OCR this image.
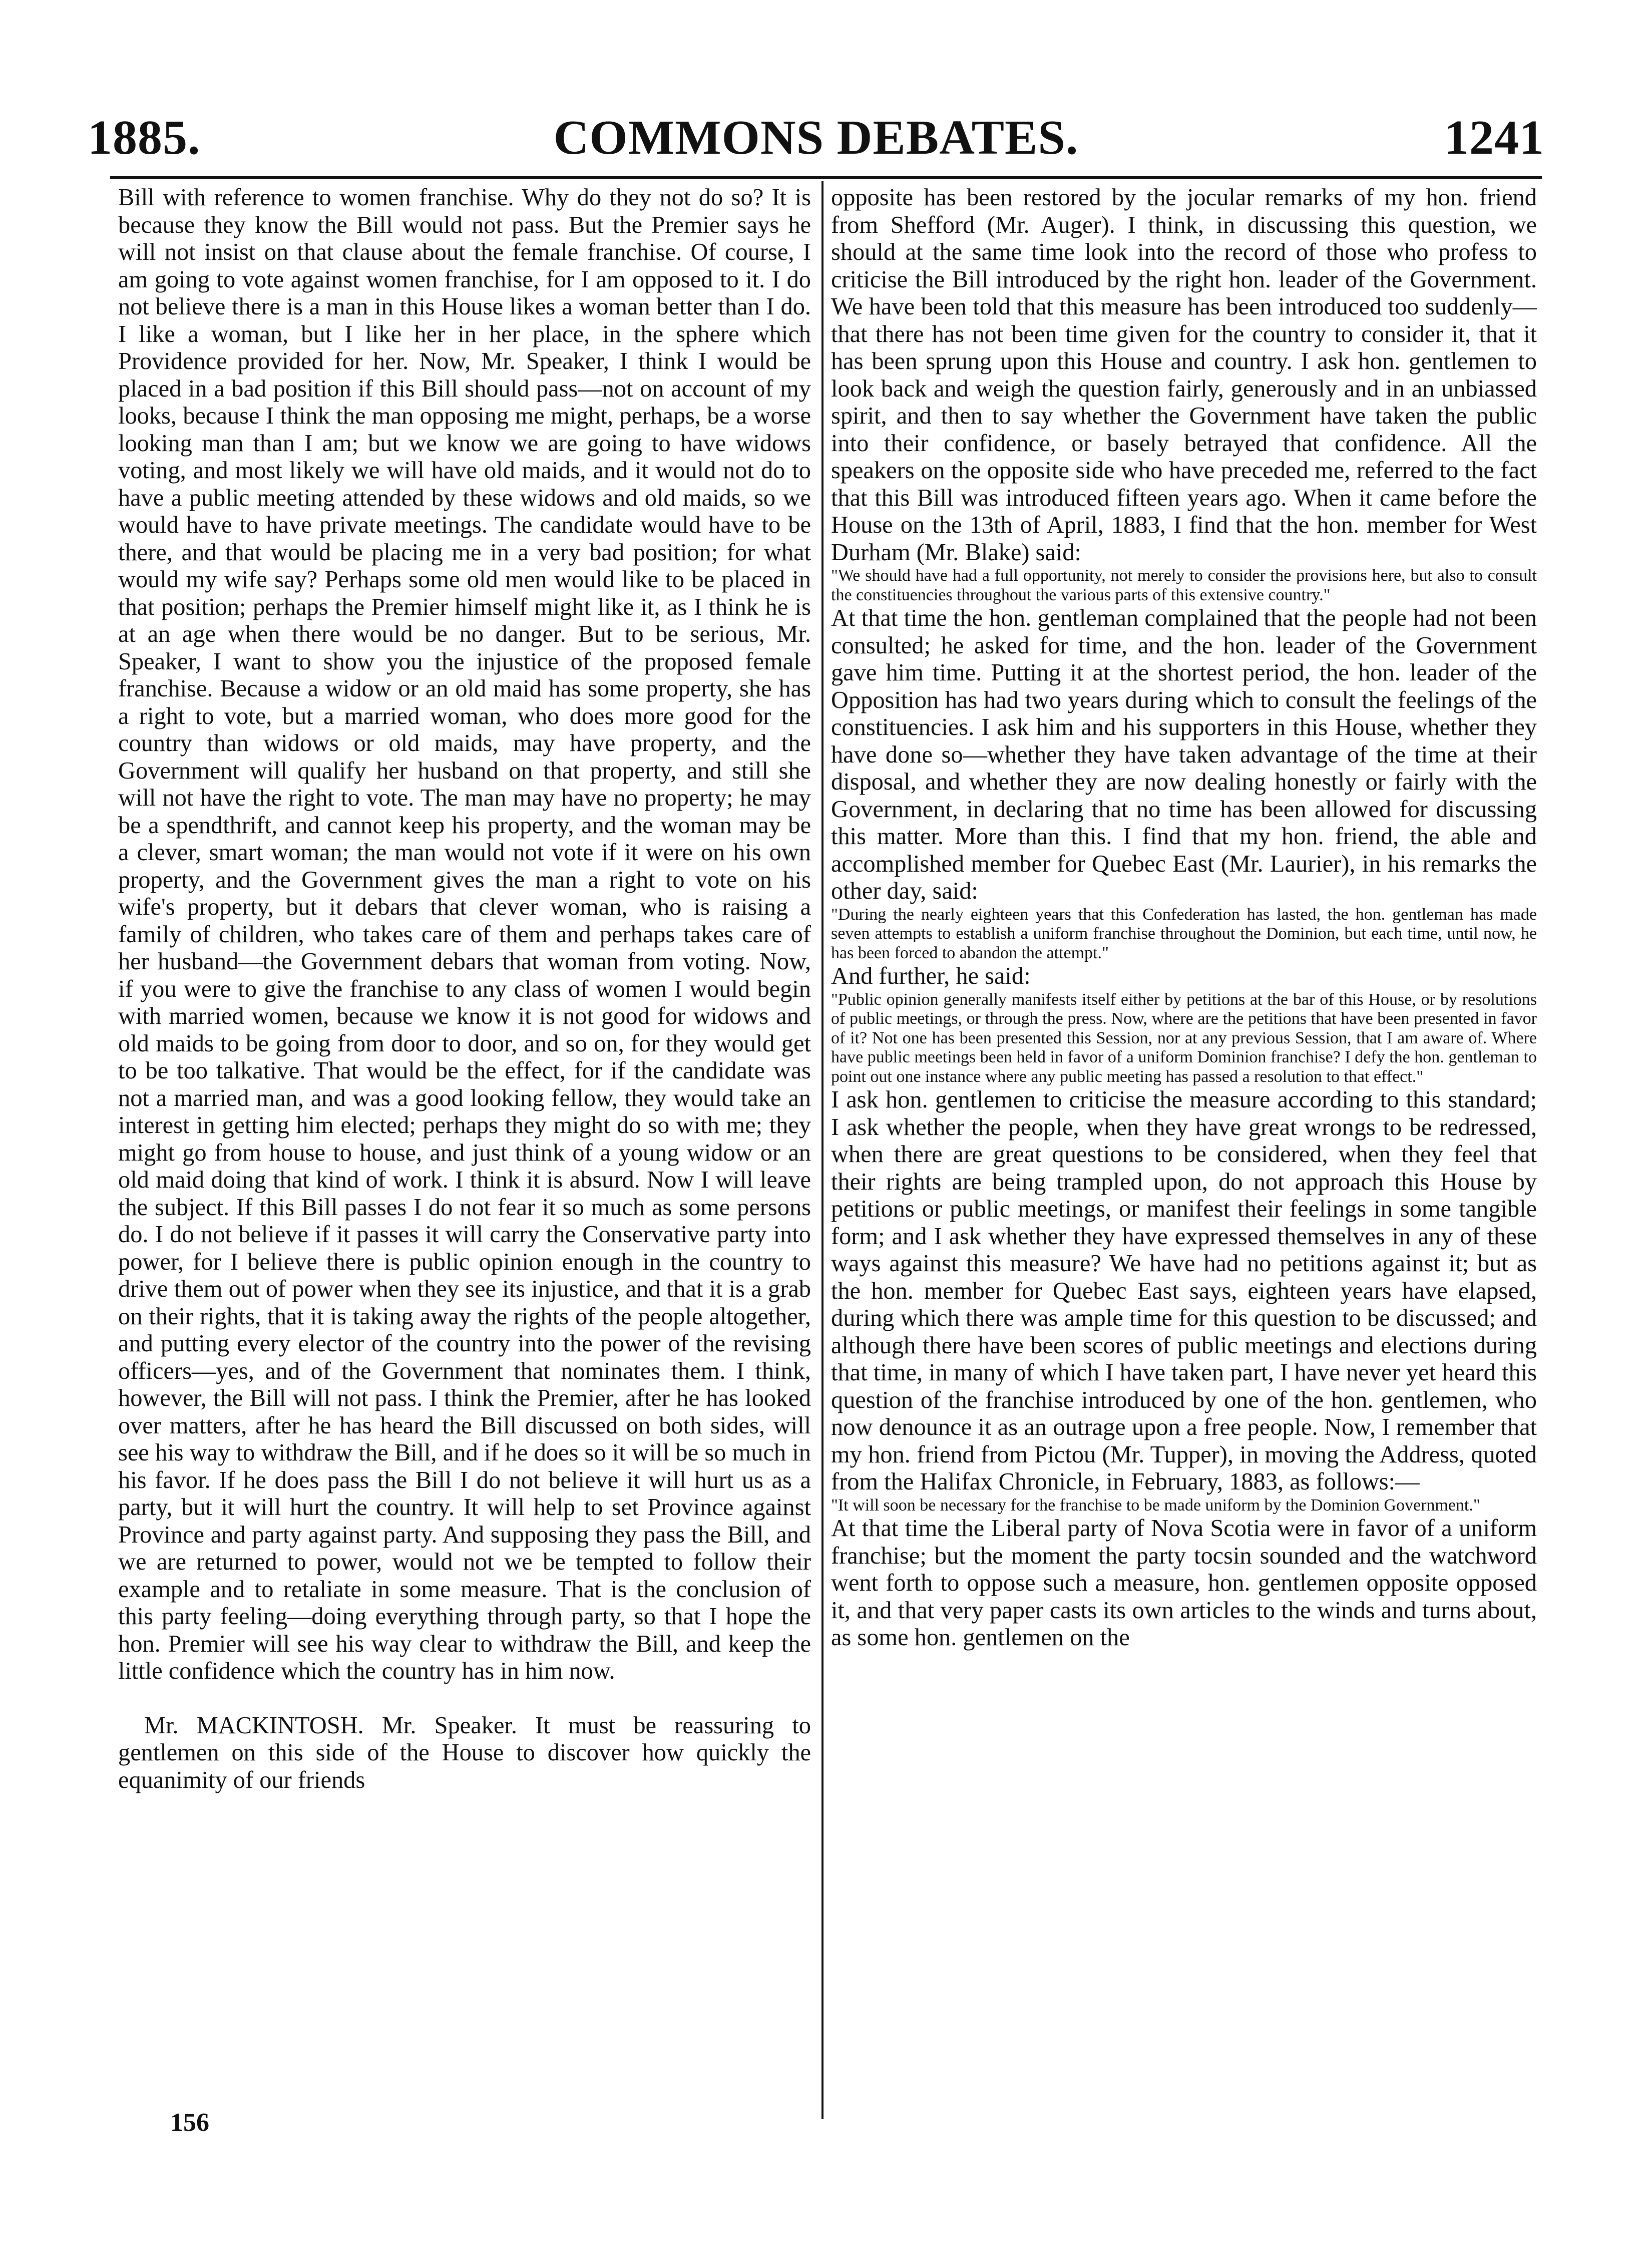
1885.	COMMONS DEBATES.	1241

Bill with reference to women franchise. Why do they not do so? It is because they know the Bill would not pass. But the Premier says he will not insist on that clause about the female franchise. Of course, I am going to vote against women franchise, for I am opposed to it. I do not believe there is a man in this House likes a woman better than I do. I like a woman, but I like her in her place, in the sphere which Providence provided for her. Now, Mr. Speaker, I think I would be placed in a bad position if this Bill should pass—not on account of my looks, because I think the man opposing me might, perhaps, be a worse looking man than I am; but we know we are going to have widows voting, and most likely we will have old maids, and it would not do to have a public meeting attended by these widows and old maids, so we would have to have private meetings. The candidate would have to be there, and that would be placing me in a very bad position; for what would my wife say? Perhaps some old men would like to be placed in that position; perhaps the Premier himself might like it, as I think he is at an age when there would be no danger. But to be serious, Mr. Speaker, I want to show you the injustice of the proposed female franchise. Because a widow or an old maid has some property, she has a right to vote, but a married woman, who does more good for the country than widows or old maids, may have property, and the Government will qualify her husband on that property, and still she will not have the right to vote. The man may have no property; he may be a spendthrift, and cannot keep his property, and the woman may be a clever, smart woman; the man would not vote if it were on his own property, and the Government gives the man a right to vote on his wife's property, but it debars that clever woman, who is raising a family of children, who takes care of them and perhaps takes care of her husband—the Government debars that woman from voting. Now, if you were to give the franchise to any class of women I would begin with married women, because we know it is not good for widows and old maids to be going from door to door, and so on, for they would get to be too talkative. That would be the effect, for if the candidate was not a married man, and was a good looking fellow, they would take an interest in getting him elected; perhaps they might do so with me; they might go from house to house, and just think of a young widow or an old maid doing that kind of work. I think it is absurd. Now I will leave the subject. If this Bill passes I do not fear it so much as some persons do. I do not believe if it passes it will carry the Conservative party into power, for I believe there is public opinion enough in the country to drive them out of power when they see its injustice, and that it is a grab on their rights, that it is taking away the rights of the people altogether, and putting every elector of the country into the power of the revising officers—yes, and of the Government that nominates them. I think, however, the Bill will not pass. I think the Premier, after he has looked over matters, after he has heard the Bill discussed on both sides, will see his way to withdraw the Bill, and if he does so it will be so much in his favor. If he does pass the Bill I do not believe it will hurt us as a party, but it will hurt the country. It will help to set Province against Province and party against party. And supposing they pass the Bill, and we are returned to power, would not we be tempted to follow their example and to retaliate in some measure. That is the conclusion of this party feeling—doing everything through party, so that I hope the hon. Premier will see his way clear to withdraw the Bill, and keep the little confidence which the country has in him now.

Mr. MACKINTOSH. Mr. Speaker. It must be reassuring to gentlemen on this side of the House to discover how quickly the equanimity of our friends

opposite has been restored by the jocular remarks of my hon. friend from Shefford (Mr. Auger). I think, in discussing this question, we should at the same time look into the record of those who profess to criticise the Bill introduced by the right hon. leader of the Government. We have been told that this measure has been introduced too suddenly—that there has not been time given for the country to consider it, that it has been sprung upon this House and country. I ask hon. gentlemen to look back and weigh the question fairly, generously and in an unbiassed spirit, and then to say whether the Government have taken the public into their confidence, or basely betrayed that confidence. All the speakers on the opposite side who have preceded me, referred to the fact that this Bill was introduced fifteen years ago. When it came before the House on the 13th of April, 1883, I find that the hon. member for West Durham (Mr. Blake) said:

"We should have had a full opportunity, not merely to consider the provisions here, but also to consult the constituencies throughout the various parts of this extensive country."

At that time the hon. gentleman complained that the people had not been consulted; he asked for time, and the hon. leader of the Government gave him time. Putting it at the shortest period, the hon. leader of the Opposition has had two years during which to consult the feelings of the constituencies. I ask him and his supporters in this House, whether they have done so—whether they have taken advantage of the time at their disposal, and whether they are now dealing honestly or fairly with the Government, in declaring that no time has been allowed for discussing this matter. More than this. I find that my hon. friend, the able and accomplished member for Quebec East (Mr. Laurier), in his remarks the other day, said:

"During the nearly eighteen years that this Confederation has lasted, the hon. gentleman has made seven attempts to establish a uniform franchise throughout the Dominion, but each time, until now, he has been forced to abandon the attempt."

And further, he said:

"Public opinion generally manifests itself either by petitions at the bar of this House, or by resolutions of public meetings, or through the press. Now, where are the petitions that have been presented in favor of it? Not one has been presented this Session, nor at any previous Session, that I am aware of. Where have public meetings been held in favor of a uniform Dominion franchise? I defy the hon. gentleman to point out one instance where any public meeting has passed a resolution to that effect."

I ask hon. gentlemen to criticise the measure according to this standard; I ask whether the people, when they have great wrongs to be redressed, when there are great questions to be considered, when they feel that their rights are being trampled upon, do not approach this House by petitions or public meetings, or manifest their feelings in some tangible form; and I ask whether they have expressed themselves in any of these ways against this measure? We have had no petitions against it; but as the hon. member for Quebec East says, eighteen years have elapsed, during which there was ample time for this question to be discussed; and although there have been scores of public meetings and elections during that time, in many of which I have taken part, I have never yet heard this question of the franchise introduced by one of the hon. gentlemen, who now denounce it as an outrage upon a free people. Now, I remember that my hon. friend from Pictou (Mr. Tupper), in moving the Address, quoted from the Halifax Chronicle, in February, 1883, as follows:—

"It will soon be necessary for the franchise to be made uniform by the Dominion Government."

At that time the Liberal party of Nova Scotia were in favor of a uniform franchise; but the moment the party tocsin sounded and the watchword went forth to oppose such a measure, hon. gentlemen opposite opposed it, and that very paper casts its own articles to the winds and turns about, as some hon. gentlemen on the

156
